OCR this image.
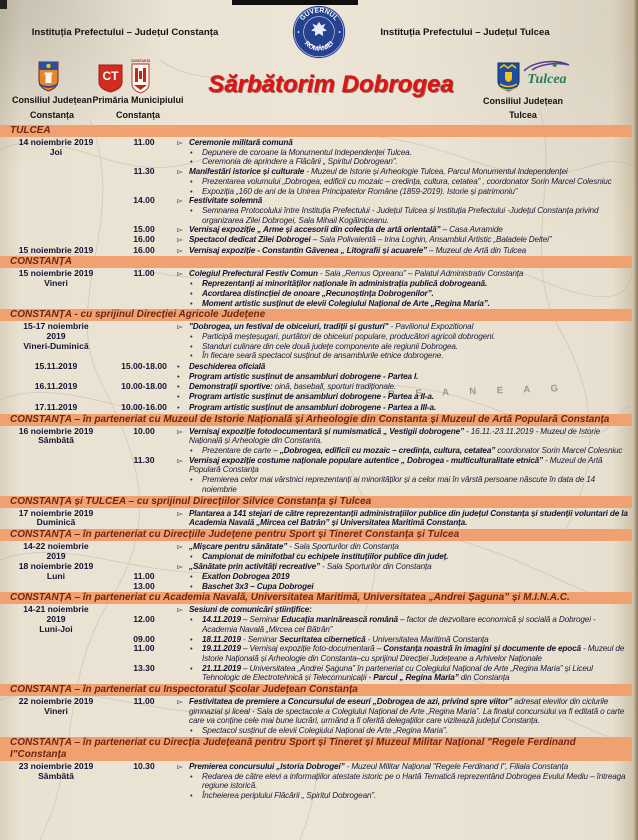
R E A N E A G
Instituția Prefectului – Județul Constanța	Instituția Prefectului – Județul Tulcea
GUVERNUL
ROMÂNIEI
Sărbătorim Dobrogea
CT
CONSTANTA
Tulcea
Consiliul Județean
Constanța
Primăria Municipiului
Constanța
Consiliul Județean
Tulcea
TULCEA
14 noiembrie 2019
Joi
11.00	▻ Ceremonie militară comună
•	Depunere de coroane la Monumentul Independenței Tulcea.
•	Ceremonia de aprindere a Flăcării „ Spiritul Dobrogean”.
11.30	▻ Manifestări istorice și culturale - Muzeul de Istorie și Arheologie Tulcea, Parcul Monumentul Independenței
•	Prezentarea volumului „Dobrogea, edificii cu mozaic – credința, cultura, cetatea” , coordonator Sorin Marcel Colesniuc
•	Expoziția „160 de ani de la Unirea Principatelor Române (1859-2019). Istorie și patrimoniu”
14.00	▻ Festivitate solemnă
•	Semnarea Protocolului între Instituția Prefectului - Județul Tulcea și Instituția Prefectului -Județul Constanța privind organizarea Zilei Dobrogei, Sala Mihail Kogălniceanu.
15.00	▻ Vernisaj expoziție „ Arme și accesorii din colecția de artă orientală” – Casa Avramide
16.00	▻ Spectacol dedicat Zilei Dobrogei – Sala Polivalentă – Irina Loghin, Ansamblul Artistic „Baladele Deltei”
15 noiembrie 2019	16.00	▻ Vernisaj expoziție - Constantin Găvenea „ Litografii și acuarele” – Muzeul de Artă din Tulcea
CONSTANȚA
15 noiembrie 2019
Vineri
11.00	▻ Colegiul Prefectural Festiv Comun - Sala „Remus Opreanu” – Palatul Administrativ Constanța
•	Reprezentanți ai minorităților naționale în administrația publică dobrogeană.
•	Acordarea distincției de onoare „Recunoștința Dobrogenilor”.
•	Moment artistic susținut de elevii Colegiului Național de Arte „Regina Maria”.
CONSTANȚA - cu sprijinul Direcției Agricole Județene
15-17 noiembrie
2019
Vineri-Duminică
▻ "Dobrogea, un festival de obiceiuri, tradiții și gusturi" - Pavilionul Expozitional
•	Participă meșteșugari, purtători de obiceiuri populare, producători agricoli dobrogeni.
•	Standuri culinare din cele două județe componente ale regiunii Dobrogea.
•	În fiecare seară spectacol susținut de ansamblurile etnice dobrogene.
15.11.2019	15.00-18.00	•	Deschiderea oficială
•	Program artistic susținut de ansambluri dobrogene - Partea I.
16.11.2019	10.00-18.00	•	Demonstrații sportive: oină, baseball, sporturi tradiționale.
•	Program artistic susținut de ansambluri dobrogene - Partea a II-a.
17.11.2019	10.00-16.00	•	Program artistic susținut de ansambluri dobrogene - Partea a III-a.
CONSTANȚA – în parteneriat cu Muzeul de Istorie Națională și Arheologie din Constanta și Muzeul de Artă Populară Constanța
16 noiembrie 2019
Sâmbătă
10.00	▻ Vernisaj expoziție fotodocumentară și numismatică „ Vestigii dobrogene” - 16.11.-23.11.2019 - Muzeul de Istorie Națională și Arheologie din Constanta.
•	Prezentare de carte – „Dobrogea, edificii cu mozaic – credința, cultura, cetatea” coordonator Sorin Marcel Colesniuc
11.30	▻ Vernisaj expoziție costume naționale populare autentice „ Dobrogea - multiculturalitate etnică” - Muzeul de Artă Populară Constanța
•	Premierea celor mai vârstnici reprezentanți ai minorităților și a celor mai în vârstă persoane născute în data de 14 noiembrie
CONSTANȚA și TULCEA – cu sprijinul Direcțiilor Silvice Constanța și Tulcea
17 noiembrie 2019
Duminică
▻ Plantarea a 141 stejari de către reprezentanții administrațiilor publice din județul Constanța și studenții voluntari de la Academia Navală „Mircea cel Batrân” și Universitatea Maritimă Constanța.
CONSTANȚA – în parteneriat cu Direcțiile Județene pentru Sport și Tineret Constanța și Tulcea
14-22 noiembrie
2019
▻ „Mișcare pentru sănătate” - Sala Sporturilor din Constanța
•	Campionat de minifotbal cu echipele instituțiilor publice din județ.
18 noiembrie 2019
Luni
▻ „Sănătate prin activități recreative” - Sala Sporturilor din Constanța
11.00	•	Exatlon Dobrogea 2019
13.00	•	Baschet 3x3 – Cupa Dobrogei
CONSTANȚA – în parteneriat cu Academia Navală, Universitatea Maritimă, Universitatea „Andrei Șaguna” și M.I.N.A.C.
14-21 noiembrie
2019
Luni-Joi
▻ Sesiuni de comunicări științifice:
12.00	•	14.11.2019 – Seminar Educația marinărească română – factor de dezvoltare economică și socială a Dobrogei - Academia Navală „Mircea cel Bătrân”
09.00	•	18.11.2019 - Seminar Securitatea cibernetică - Universitatea Maritimă Constanța
11.00	•	19.11.2019 – Vernisaj expoziție foto-documentară – Constanța noastră în imagini și documente de epocă - Muzeul de Istorie Națională și Arheologie din Constanta–cu sprijinul Direcției Județeane a Arhivelor Naționale
13.30	•	21.11.2019 – Universitatea „Andrei Șaguna” în parteneriat cu Colegiului Național de Arte „Regina Maria” și Liceul Tehnologic de Electrotehnică și Telecomunicații - Parcul „ Regina Maria” din Constanța
CONSTANȚA – în parteneriat cu Inspectoratul Școlar Județean Constanța
22 noiembrie 2019
Vineri
11.00	▻ Festivitatea de premiere a Concursului de eseuri „Dobrogea de azi, privind spre viitor” adresat elevilor din ciclurile gimnazial și liceal - Sala de spectacole a Colegiului Național de Arte „Regina Maria”. La finalul concursului va fi editată o carte care va conține cele mai bune lucrări, urmând a fi oferită delegațiilor care vizitează județul Constanța.
•	Spectacol susținut de elevii Colegiului Național de Arte „Regina Maria”.
CONSTANȚA – în parteneriat cu Direcția Județeană pentru Sport și Tineret și Muzeul Militar Național "Regele Ferdinand I"Constanța
23 noiembrie 2019
Sâmbătă
10.30	▻ Premierea concursului „Istoria Dobrogei” - Muzeul Militar Național "Regele Ferdinand I", Filiala Constanța
•	Redarea de către elevi a informațiilor atestate istoric pe o Hartă Tematică reprezentând Dobrogea Evului Mediu – întreaga regiune istorică.
•	Încheierea periplului Flăcării „ Spiritul Dobrogean”.
